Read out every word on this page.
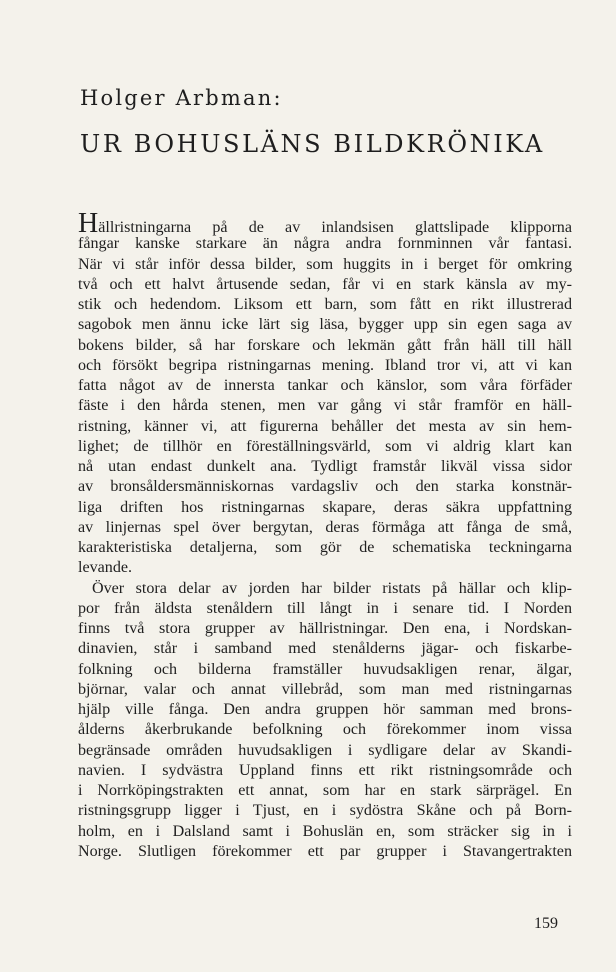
Holger Arbman:
UR BOHUSLÄNS BILDKRÖNIKA
Hällristningarna på de av inlandsisen glattslipade klipporna
fångar kanske starkare än några andra fornminnen vår fantasi.
När vi står inför dessa bilder, som huggits in i berget för omkring
två och ett halvt årtusende sedan, får vi en stark känsla av my-
stik och hedendom. Liksom ett barn, som fått en rikt illustrerad
sagobok men ännu icke lärt sig läsa, bygger upp sin egen saga av
bokens bilder, så har forskare och lekmän gått från häll till häll
och försökt begripa ristningarnas mening. Ibland tror vi, att vi kan
fatta något av de innersta tankar och känslor, som våra förfäder
fäste i den hårda stenen, men var gång vi står framför en häll-
ristning, känner vi, att figurerna behåller det mesta av sin hem-
lighet; de tillhör en föreställningsvärld, som vi aldrig klart kan
nå utan endast dunkelt ana. Tydligt framstår likväl vissa sidor
av bronsåldersmänniskornas vardagsliv och den starka konstnär-
liga driften hos ristningarnas skapare, deras säkra uppfattning
av linjernas spel över bergytan, deras förmåga att fånga de små,
karakteristiska detaljerna, som gör de schematiska teckningarna
levande.
Över stora delar av jorden har bilder ristats på hällar och klip-
por från äldsta stenåldern till långt in i senare tid. I Norden
finns två stora grupper av hällristningar. Den ena, i Nordskan-
dinavien, står i samband med stenålderns jägar- och fiskarbe-
folkning och bilderna framställer huvudsakligen renar, älgar,
björnar, valar och annat villebråd, som man med ristningarnas
hjälp ville fånga. Den andra gruppen hör samman med brons-
ålderns åkerbrukande befolkning och förekommer inom vissa
begränsade områden huvudsakligen i sydligare delar av Skandi-
navien. I sydvästra Uppland finns ett rikt ristningsområde och
i Norrköpingstrakten ett annat, som har en stark särprägel. En
ristningsgrupp ligger i Tjust, en i sydöstra Skåne och på Born-
holm, en i Dalsland samt i Bohuslän en, som sträcker sig in i
Norge. Slutligen förekommer ett par grupper i Stavangertrakten
159
